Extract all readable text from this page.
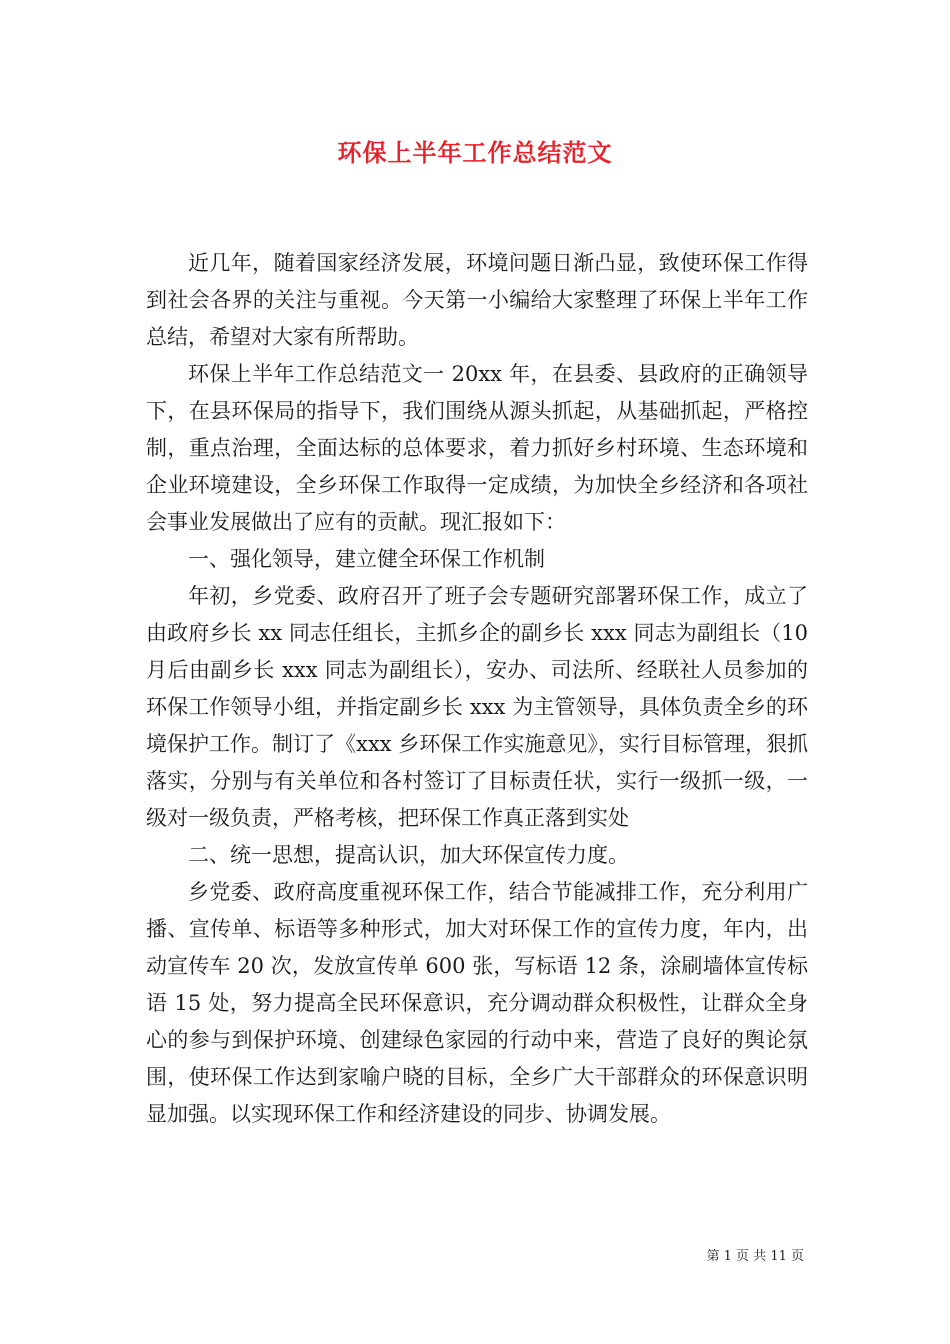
环保上半年工作总结范文

近几年，随着国家经济发展，环境问题日渐凸显，致使环保工作得到社会各界的关注与重视。今天第一小编给大家整理了环保上半年工作总结，希望对大家有所帮助。

环保上半年工作总结范文一 20xx 年，在县委、县政府的正确领导下，在县环保局的指导下，我们围绕从源头抓起，从基础抓起，严格控制，重点治理，全面达标的总体要求，着力抓好乡村环境、生态环境和企业环境建设，全乡环保工作取得一定成绩，为加快全乡经济和各项社会事业发展做出了应有的贡献。现汇报如下：

一、强化领导，建立健全环保工作机制

年初，乡党委、政府召开了班子会专题研究部署环保工作，成立了由政府乡长 xx 同志任组长，主抓乡企的副乡长 xxx 同志为副组长（10 月后由副乡长 xxx 同志为副组长），安办、司法所、经联社人员参加的环保工作领导小组，并指定副乡长 xxx 为主管领导，具体负责全乡的环境保护工作。制订了《xxx 乡环保工作实施意见》，实行目标管理，狠抓落实，分别与有关单位和各村签订了目标责任状，实行一级抓一级，一级对一级负责，严格考核，把环保工作真正落到实处

二、统一思想，提高认识，加大环保宣传力度。

乡党委、政府高度重视环保工作，结合节能减排工作，充分利用广播、宣传单、标语等多种形式，加大对环保工作的宣传力度，年内，出动宣传车 20 次，发放宣传单 600 张，写标语 12 条，涂刷墙体宣传标语 15 处，努力提高全民环保意识，充分调动群众积极性，让群众全身心的参与到保护环境、创建绿色家园的行动中来，营造了良好的舆论氛围，使环保工作达到家喻户晓的目标，全乡广大干部群众的环保意识明显加强。以实现环保工作和经济建设的同步、协调发展。

第 1 页 共 11 页
